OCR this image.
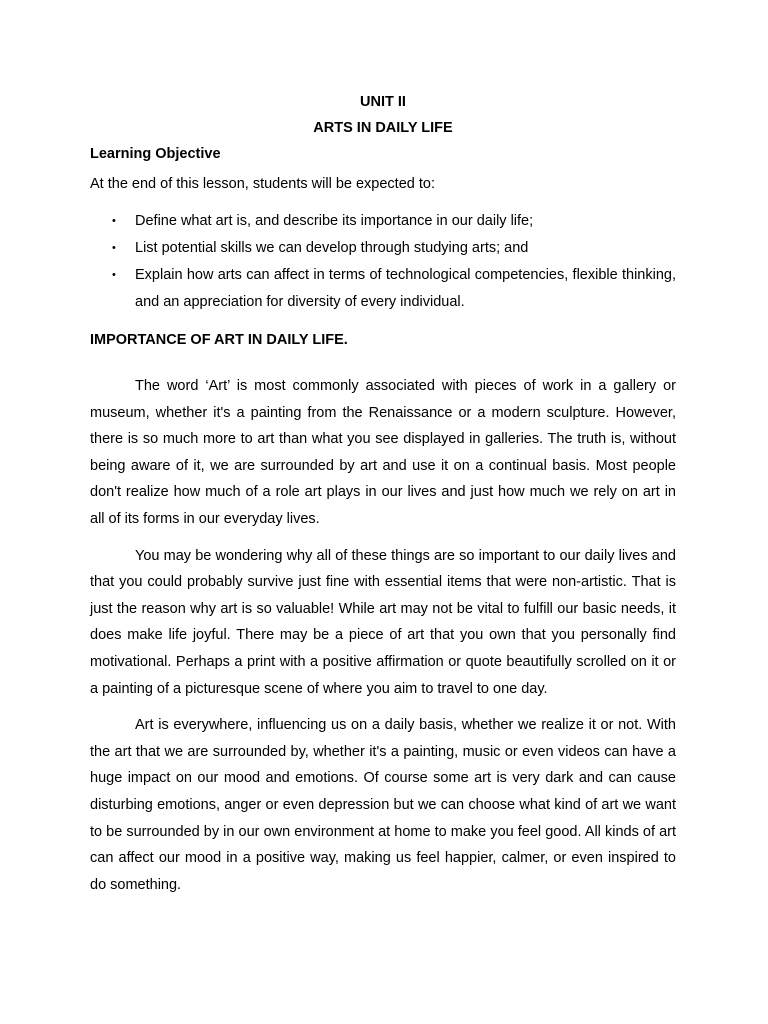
UNIT II
ARTS IN DAILY LIFE
Learning Objective
At the end of this lesson, students will be expected to:
• Define what art is, and describe its importance in our daily life;
• List potential skills we can develop through studying arts; and
• Explain how arts can affect in terms of technological competencies, flexible thinking, and an appreciation for diversity of every individual.
IMPORTANCE OF ART IN DAILY LIFE.

The word ‘Art’ is most commonly associated with pieces of work in a gallery or museum, whether it's a painting from the Renaissance or a modern sculpture. However, there is so much more to art than what you see displayed in galleries. The truth is, without being aware of it, we are surrounded by art and use it on a continual basis. Most people don't realize how much of a role art plays in our lives and just how much we rely on art in all of its forms in our everyday lives.

You may be wondering why all of these things are so important to our daily lives and that you could probably survive just fine with essential items that were non-artistic. That is just the reason why art is so valuable! While art may not be vital to fulfill our basic needs, it does make life joyful. There may be a piece of art that you own that you personally find motivational. Perhaps a print with a positive affirmation or quote beautifully scrolled on it or a painting of a picturesque scene of where you aim to travel to one day.

Art is everywhere, influencing us on a daily basis, whether we realize it or not. With the art that we are surrounded by, whether it's a painting, music or even videos can have a huge impact on our mood and emotions. Of course some art is very dark and can cause disturbing emotions, anger or even depression but we can choose what kind of art we want to be surrounded by in our own environment at home to make you feel good. All kinds of art can affect our mood in a positive way, making us feel happier, calmer, or even inspired to do something.
